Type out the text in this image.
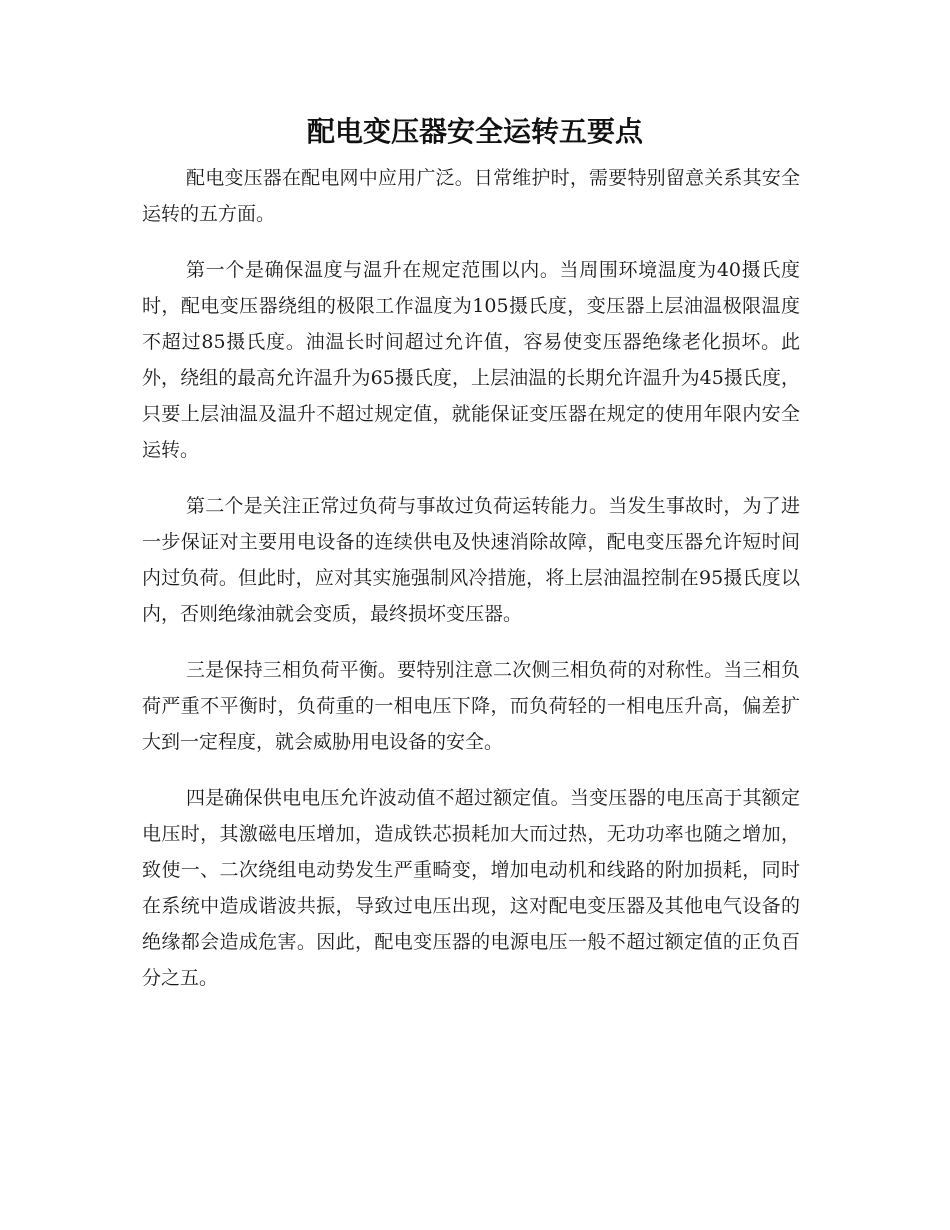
配电变压器安全运转五要点

配电变压器在配电网中应用广泛。日常维护时，需要特别留意关系其安全运转的五方面。

第一个是确保温度与温升在规定范围以内。当周围环境温度为40摄氏度时，配电变压器绕组的极限工作温度为105摄氏度，变压器上层油温极限温度不超过85摄氏度。油温长时间超过允许值，容易使变压器绝缘老化损坏。此外，绕组的最高允许温升为65摄氏度，上层油温的长期允许温升为45摄氏度，只要上层油温及温升不超过规定值，就能保证变压器在规定的使用年限内安全运转。

第二个是关注正常过负荷与事故过负荷运转能力。当发生事故时，为了进一步保证对主要用电设备的连续供电及快速消除故障，配电变压器允许短时间内过负荷。但此时，应对其实施强制风冷措施，将上层油温控制在95摄氏度以内，否则绝缘油就会变质，最终损坏变压器。

三是保持三相负荷平衡。要特别注意二次侧三相负荷的对称性。当三相负荷严重不平衡时，负荷重的一相电压下降，而负荷轻的一相电压升高，偏差扩大到一定程度，就会威胁用电设备的安全。

四是确保供电电压允许波动值不超过额定值。当变压器的电压高于其额定电压时，其激磁电压增加，造成铁芯损耗加大而过热，无功功率也随之增加，致使一、二次绕组电动势发生严重畸变，增加电动机和线路的附加损耗，同时在系统中造成谐波共振，导致过电压出现，这对配电变压器及其他电气设备的绝缘都会造成危害。因此，配电变压器的电源电压一般不超过额定值的正负百分之五。
